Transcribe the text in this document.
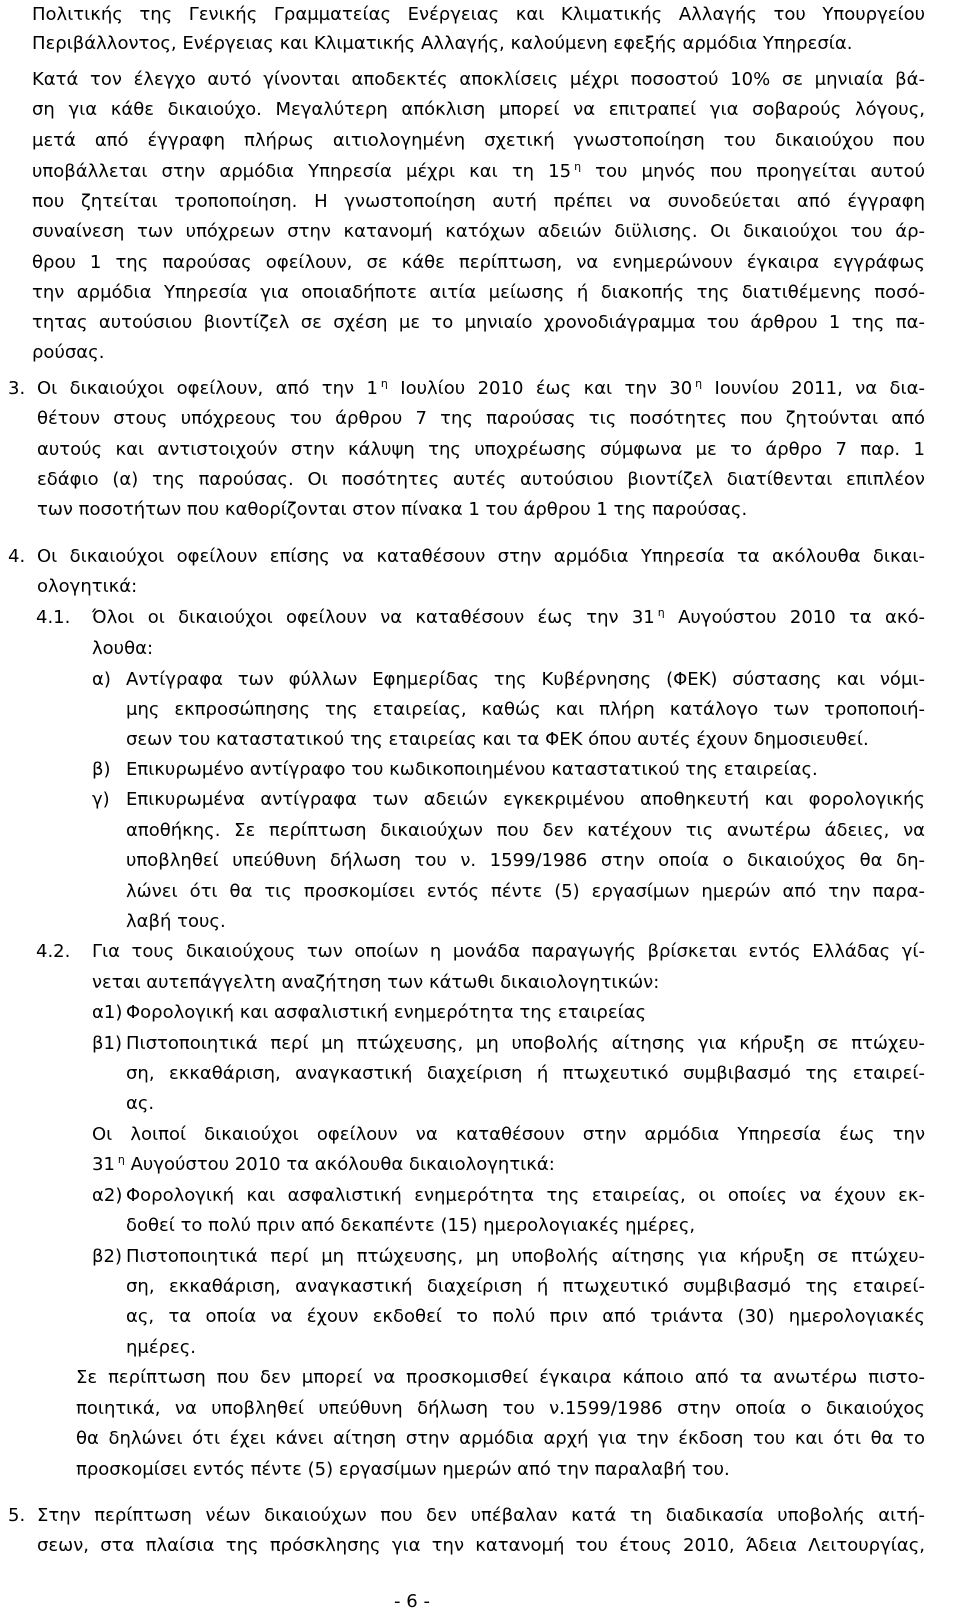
Πολιτικής της Γενικής Γραμματείας Ενέργειας και Κλιματικής Αλλαγής του Υπουργείου
Περιβάλλοντος, Ενέργειας και Κλιματικής Αλλαγής, καλούμενη εφεξής αρμόδια Υπηρεσία.
Κατά τον έλεγχο αυτό γίνονται αποδεκτές αποκλίσεις μέχρι ποσοστού 10% σε μηνιαία βά-
ση για κάθε δικαιούχο. Μεγαλύτερη απόκλιση μπορεί να επιτραπεί για σοβαρούς λόγους,
μετά από έγγραφη πλήρως αιτιολογημένη σχετική γνωστοποίηση του δικαιούχου που
υποβάλλεται στην αρμόδια Υπηρεσία μέχρι και τη 15 $^\eta$ του μηνός που προηγείται αυτού
που ζητείται τροποποίηση. Η γνωστοποίηση αυτή πρέπει να συνοδεύεται από έγγραφη
συναίνεση των υπόχρεων στην κατανομή κατόχων αδειών διϋλισης. Οι δικαιούχοι του άρ-
θρου 1 της παρούσας οφείλουν, σε κάθε περίπτωση, να ενημερώνουν έγκαιρα εγγράφως
την αρμόδια Υπηρεσία για οποιαδήποτε αιτία μείωσης ή διακοπής της διατιθέμενης ποσό-
τητας αυτούσιου βιοντίζελ σε σχέση με το μηνιαίο χρονοδιάγραμμα του άρθρου 1 της πα-
ρούσας.
3. Οι δικαιούχοι οφείλουν, από την 1 $^\eta$ Ιουλίου 2010 έως και την 30 $^\eta$ Ιουνίου 2011, να δια-
θέτουν στους υπόχρεους του άρθρου 7 της παρούσας τις ποσότητες που ζητούνται από
αυτούς και αντιστοιχούν στην κάλυψη της υποχρέωσης σύμφωνα με το άρθρο 7 παρ. 1
εδάφιο (α) της παρούσας. Οι ποσότητες αυτές αυτούσιου βιοντίζελ διατίθενται επιπλέον
των ποσοτήτων που καθορίζονται στον πίνακα 1 του άρθρου 1 της παρούσας.
4. Οι δικαιούχοι οφείλουν επίσης να καταθέσουν στην αρμόδια Υπηρεσία τα ακόλουθα δικαι-
ολογητικά:
4.1. Όλοι οι δικαιούχοι οφείλουν να καταθέσουν έως την 31 $^\eta$ Αυγούστου 2010 τα ακό-
λουθα:
α) Αντίγραφα των φύλλων Εφημερίδας της Κυβέρνησης (ΦΕΚ) σύστασης και νόμι-
μης εκπροσώπησης της εταιρείας, καθώς και πλήρη κατάλογο των τροποποιή-
σεων του καταστατικού της εταιρείας και τα ΦΕΚ όπου αυτές έχουν δημοσιευθεί.
β) Επικυρωμένο αντίγραφο του κωδικοποιημένου καταστατικού της εταιρείας.
γ) Επικυρωμένα αντίγραφα των αδειών εγκεκριμένου αποθηκευτή και φορολογικής
αποθήκης. Σε περίπτωση δικαιούχων που δεν κατέχουν τις ανωτέρω άδειες, να
υποβληθεί υπεύθυνη δήλωση του ν. 1599/1986 στην οποία ο δικαιούχος θα δη-
λώνει ότι θα τις προσκομίσει εντός πέντε (5) εργασίμων ημερών από την παρα-
λαβή τους.
4.2. Για τους δικαιούχους των οποίων η μονάδα παραγωγής βρίσκεται εντός Ελλάδας γί-
νεται αυτεπάγγελτη αναζήτηση των κάτωθι δικαιολογητικών:
α1) Φορολογική και ασφαλιστική ενημερότητα της εταιρείας
β1) Πιστοποιητικά περί μη πτώχευσης, μη υποβολής αίτησης για κήρυξη σε πτώχευ-
ση, εκκαθάριση, αναγκαστική διαχείριση ή πτωχευτικό συμβιβασμό της εταιρεί-
ας.
Οι λοιποί δικαιούχοι οφείλουν να καταθέσουν στην αρμόδια Υπηρεσία έως την
31 $^\eta$ Αυγούστου 2010 τα ακόλουθα δικαιολογητικά:
α2) Φορολογική και ασφαλιστική ενημερότητα της εταιρείας, οι οποίες να έχουν εκ-
δοθεί το πολύ πριν από δεκαπέντε (15) ημερολογιακές ημέρες,
β2) Πιστοποιητικά περί μη πτώχευσης, μη υποβολής αίτησης για κήρυξη σε πτώχευ-
ση, εκκαθάριση, αναγκαστική διαχείριση ή πτωχευτικό συμβιβασμό της εταιρεί-
ας, τα οποία να έχουν εκδοθεί το πολύ πριν από τριάντα (30) ημερολογιακές
ημέρες.
Σε περίπτωση που δεν μπορεί να προσκομισθεί έγκαιρα κάποιο από τα ανωτέρω πιστο-
ποιητικά, να υποβληθεί υπεύθυνη δήλωση του ν.1599/1986 στην οποία ο δικαιούχος
θα δηλώνει ότι έχει κάνει αίτηση στην αρμόδια αρχή για την έκδοση του και ότι θα το
προσκομίσει εντός πέντε (5) εργασίμων ημερών από την παραλαβή του.
5. Στην περίπτωση νέων δικαιούχων που δεν υπέβαλαν κατά τη διαδικασία υποβολής αιτή-
σεων, στα πλαίσια της πρόσκλησης για την κατανομή του έτους 2010, Άδεια Λειτουργίας,
- 6 -
